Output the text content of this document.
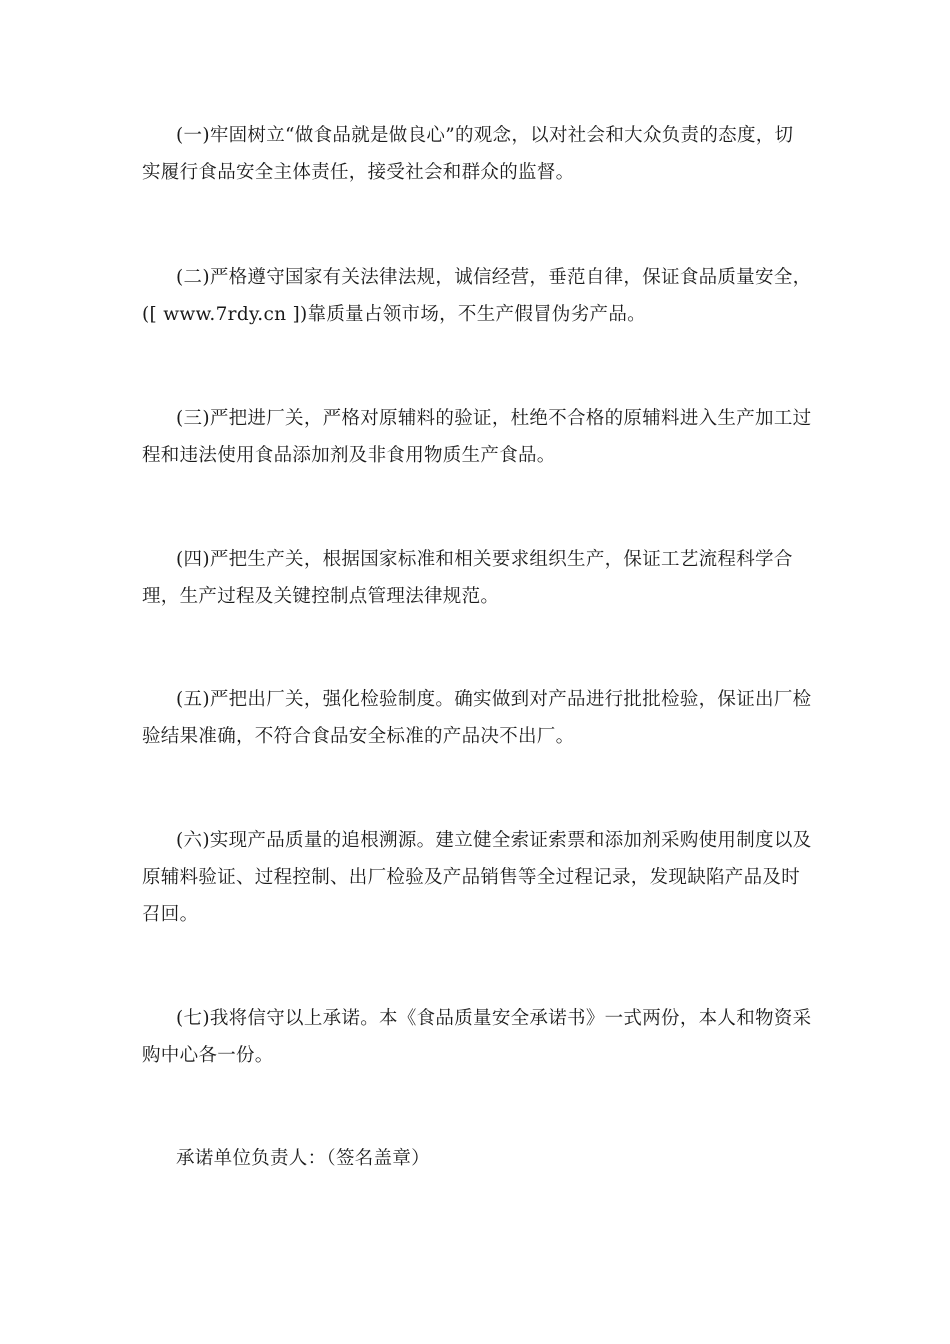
(一)牢固树立“做食品就是做良心”的观念，以对社会和大众负责的态度，切实履行食品安全主体责任，接受社会和群众的监督。

(二)严格遵守国家有关法律法规，诚信经营，垂范自律，保证食品质量安全，([ www.7rdy.cn ])靠质量占领市场，不生产假冒伪劣产品。

(三)严把进厂关，严格对原辅料的验证，杜绝不合格的原辅料进入生产加工过程和违法使用食品添加剂及非食用物质生产食品。

(四)严把生产关，根据国家标准和相关要求组织生产，保证工艺流程科学合理，生产过程及关键控制点管理法律规范。

(五)严把出厂关，强化检验制度。确实做到对产品进行批批检验，保证出厂检验结果准确，不符合食品安全标准的产品决不出厂。

(六)实现产品质量的追根溯源。建立健全索证索票和添加剂采购使用制度以及原辅料验证、过程控制、出厂检验及产品销售等全过程记录，发现缺陷产品及时召回。

(七)我将信守以上承诺。本《食品质量安全承诺书》一式两份，本人和物资采购中心各一份。

承诺单位负责人：（签名盖章）
